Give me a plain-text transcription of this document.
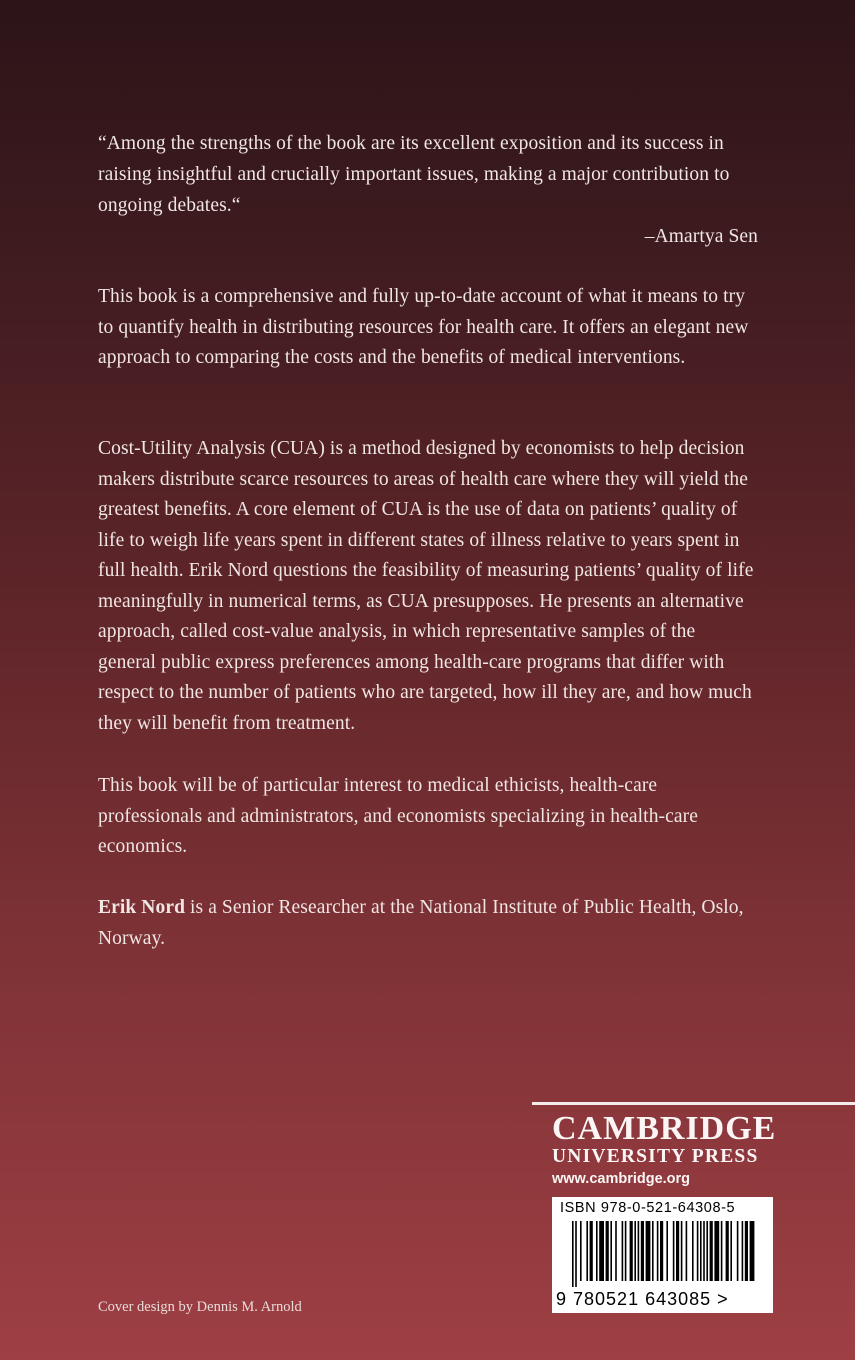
“Among the strengths of the book are its excellent exposition and its success in raising insightful and crucially important issues, making a major contribution to ongoing debates.“

–Amartya Sen

This book is a comprehensive and fully up-to-date account of what it means to try to quantify health in distributing resources for health care. It offers an elegant new approach to comparing the costs and the benefits of medical interventions.

Cost-Utility Analysis (CUA) is a method designed by economists to help decision makers distribute scarce resources to areas of health care where they will yield the greatest benefits. A core element of CUA is the use of data on patients’ quality of life to weigh life years spent in different states of illness relative to years spent in full health. Erik Nord questions the feasibility of measuring patients’ quality of life meaningfully in numerical terms, as CUA presupposes. He presents an alternative approach, called cost-value analysis, in which representative samples of the general public express preferences among health-care programs that differ with respect to the number of patients who are targeted, how ill they are, and how much they will benefit from treatment.

This book will be of particular interest to medical ethicists, health-care professionals and administrators, and economists specializing in health-care economics.

Erik Nord is a Senior Researcher at the National Institute of Public Health, Oslo, Norway.

CAMBRIDGE
UNIVERSITY PRESS
www.cambridge.org
ISBN 978-0-521-64308-5
9 780521 643085 >
Cover design by Dennis M. Arnold
